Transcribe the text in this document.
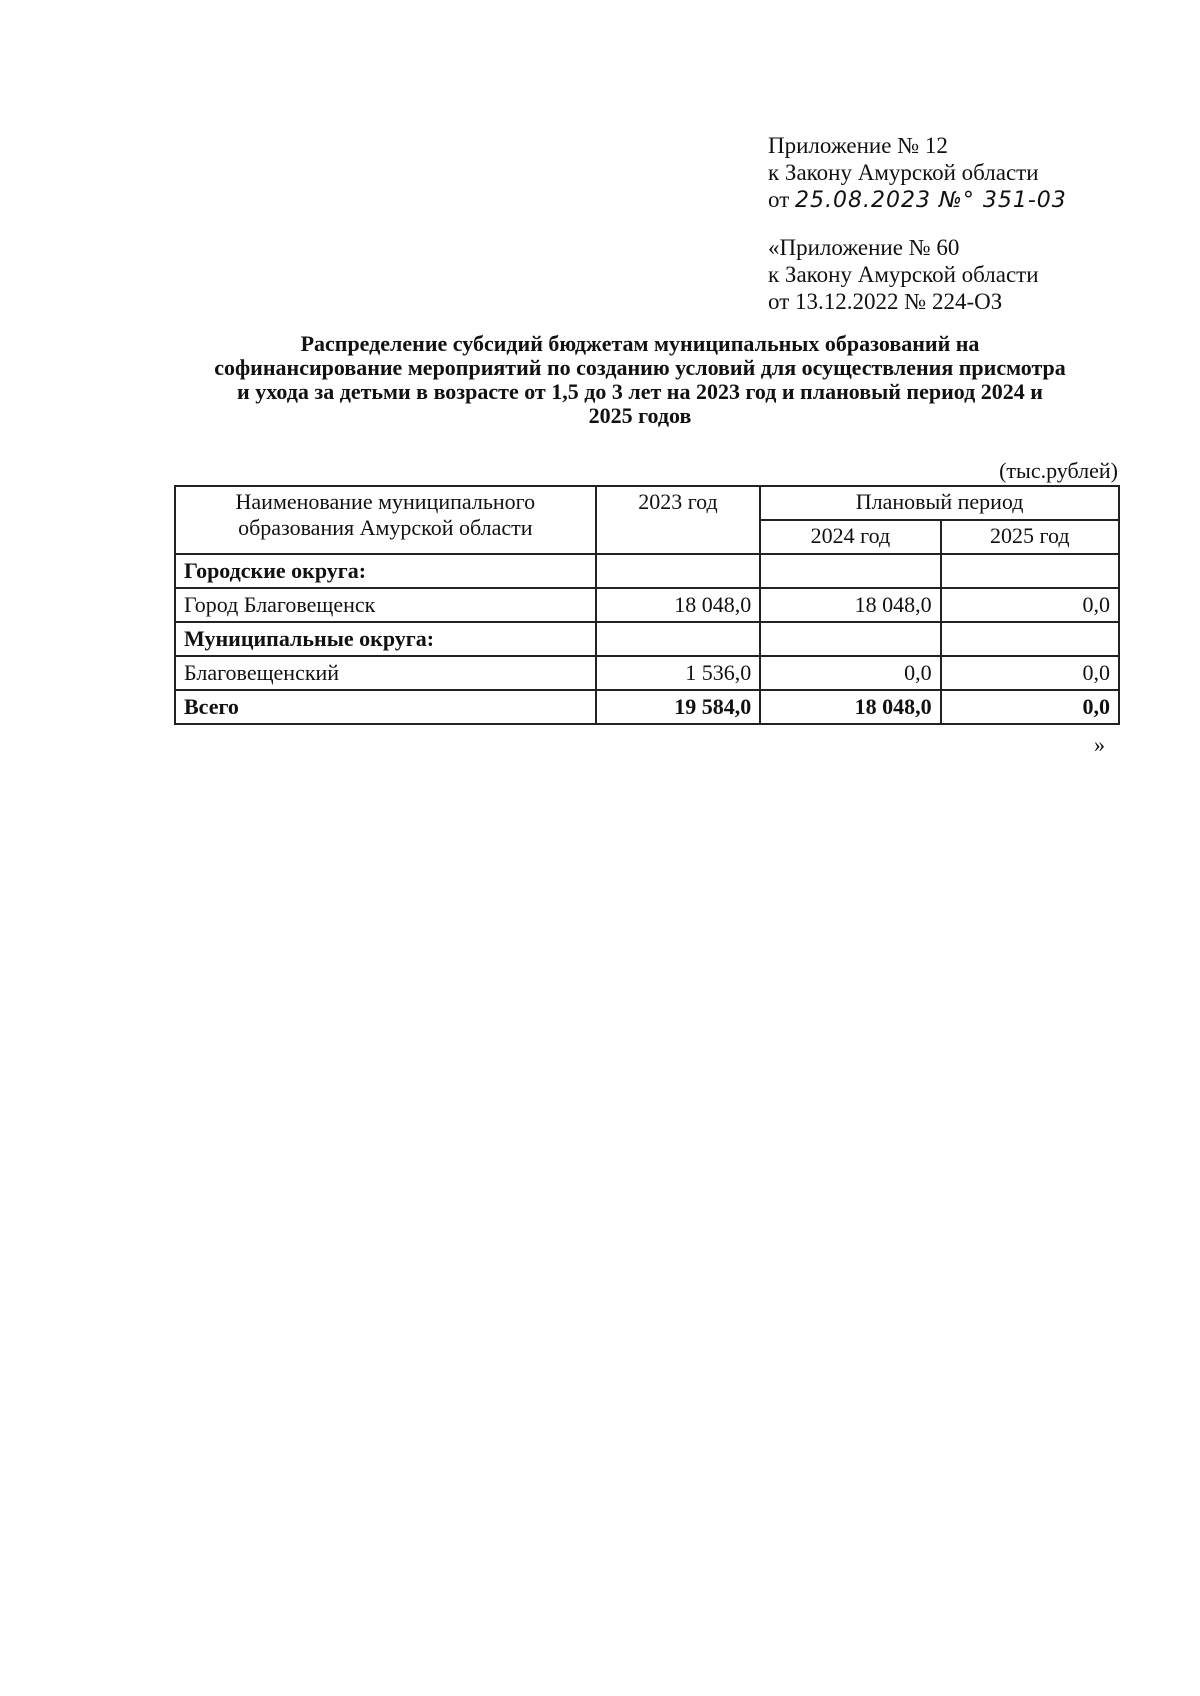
Приложение № 12
к Закону Амурской области
от 25.08.2023 №° 351-03
«Приложение № 60
к Закону Амурской области
от 13.12.2022 № 224-ОЗ
Распределение субсидий бюджетам муниципальных образований на
софинансирование мероприятий по созданию условий для осуществления присмотра
и ухода за детьми в возрасте от 1,5 до 3 лет на 2023 год и плановый период 2024 и
2025 годов
(тыс.рублей)
Наименование муниципального
образования Амурской области	2023 год	Плановый период	
		2024 год	2025 год
Городские округа:			
Город Благовещенск	18 048,0	18 048,0	0,0
Муниципальные округа:			
Благовещенский	1 536,0	0,0	0,0
Всего	19 584,0	18 048,0	0,0
»
